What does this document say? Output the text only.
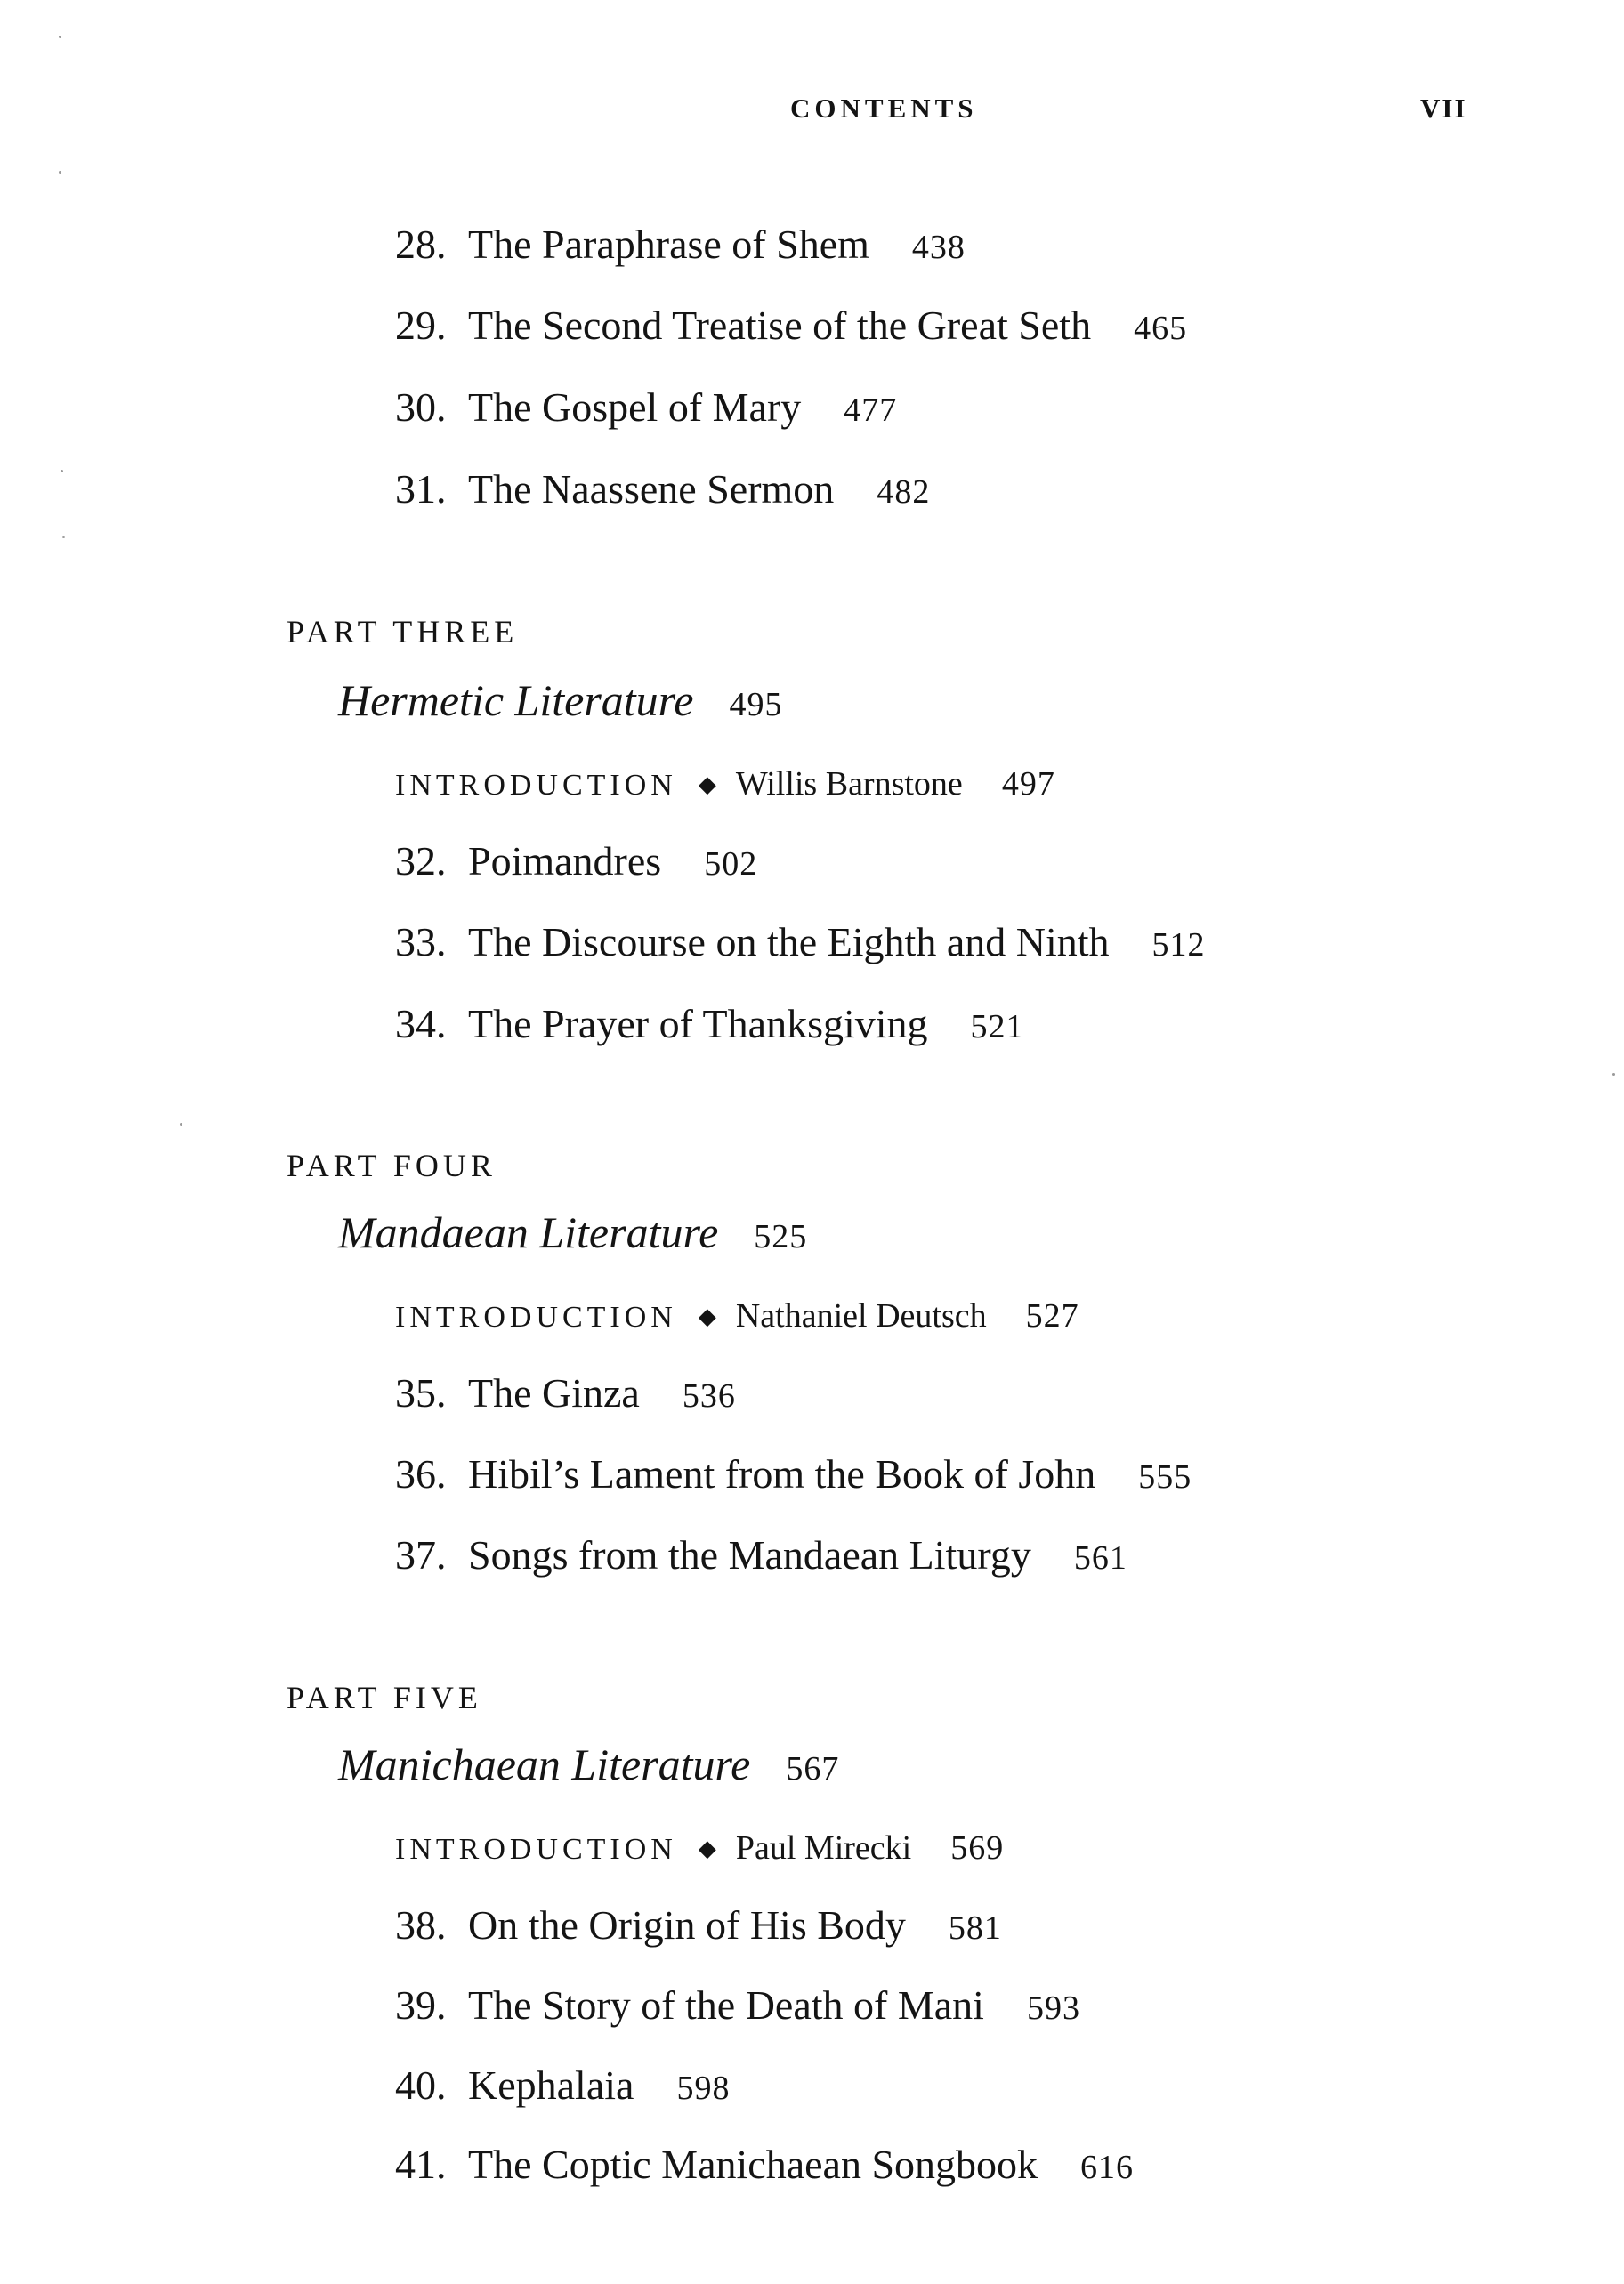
CONTENTS	VII
28. The Paraphrase of Shem 438
29. The Second Treatise of the Great Seth 465
30. The Gospel of Mary 477
31. The Naassene Sermon 482
PART THREE
Hermetic Literature 495
INTRODUCTION ◆ Willis Barnstone 497
32. Poimandres 502
33. The Discourse on the Eighth and Ninth 512
34. The Prayer of Thanksgiving 521
PART FOUR
Mandaean Literature 525
INTRODUCTION ◆ Nathaniel Deutsch 527
35. The Ginza 536
36. Hibil’s Lament from the Book of John 555
37. Songs from the Mandaean Liturgy 561
PART FIVE
Manichaean Literature 567
INTRODUCTION ◆ Paul Mirecki 569
38. On the Origin of His Body 581
39. The Story of the Death of Mani 593
40. Kephalaia 598
41. The Coptic Manichaean Songbook 616
